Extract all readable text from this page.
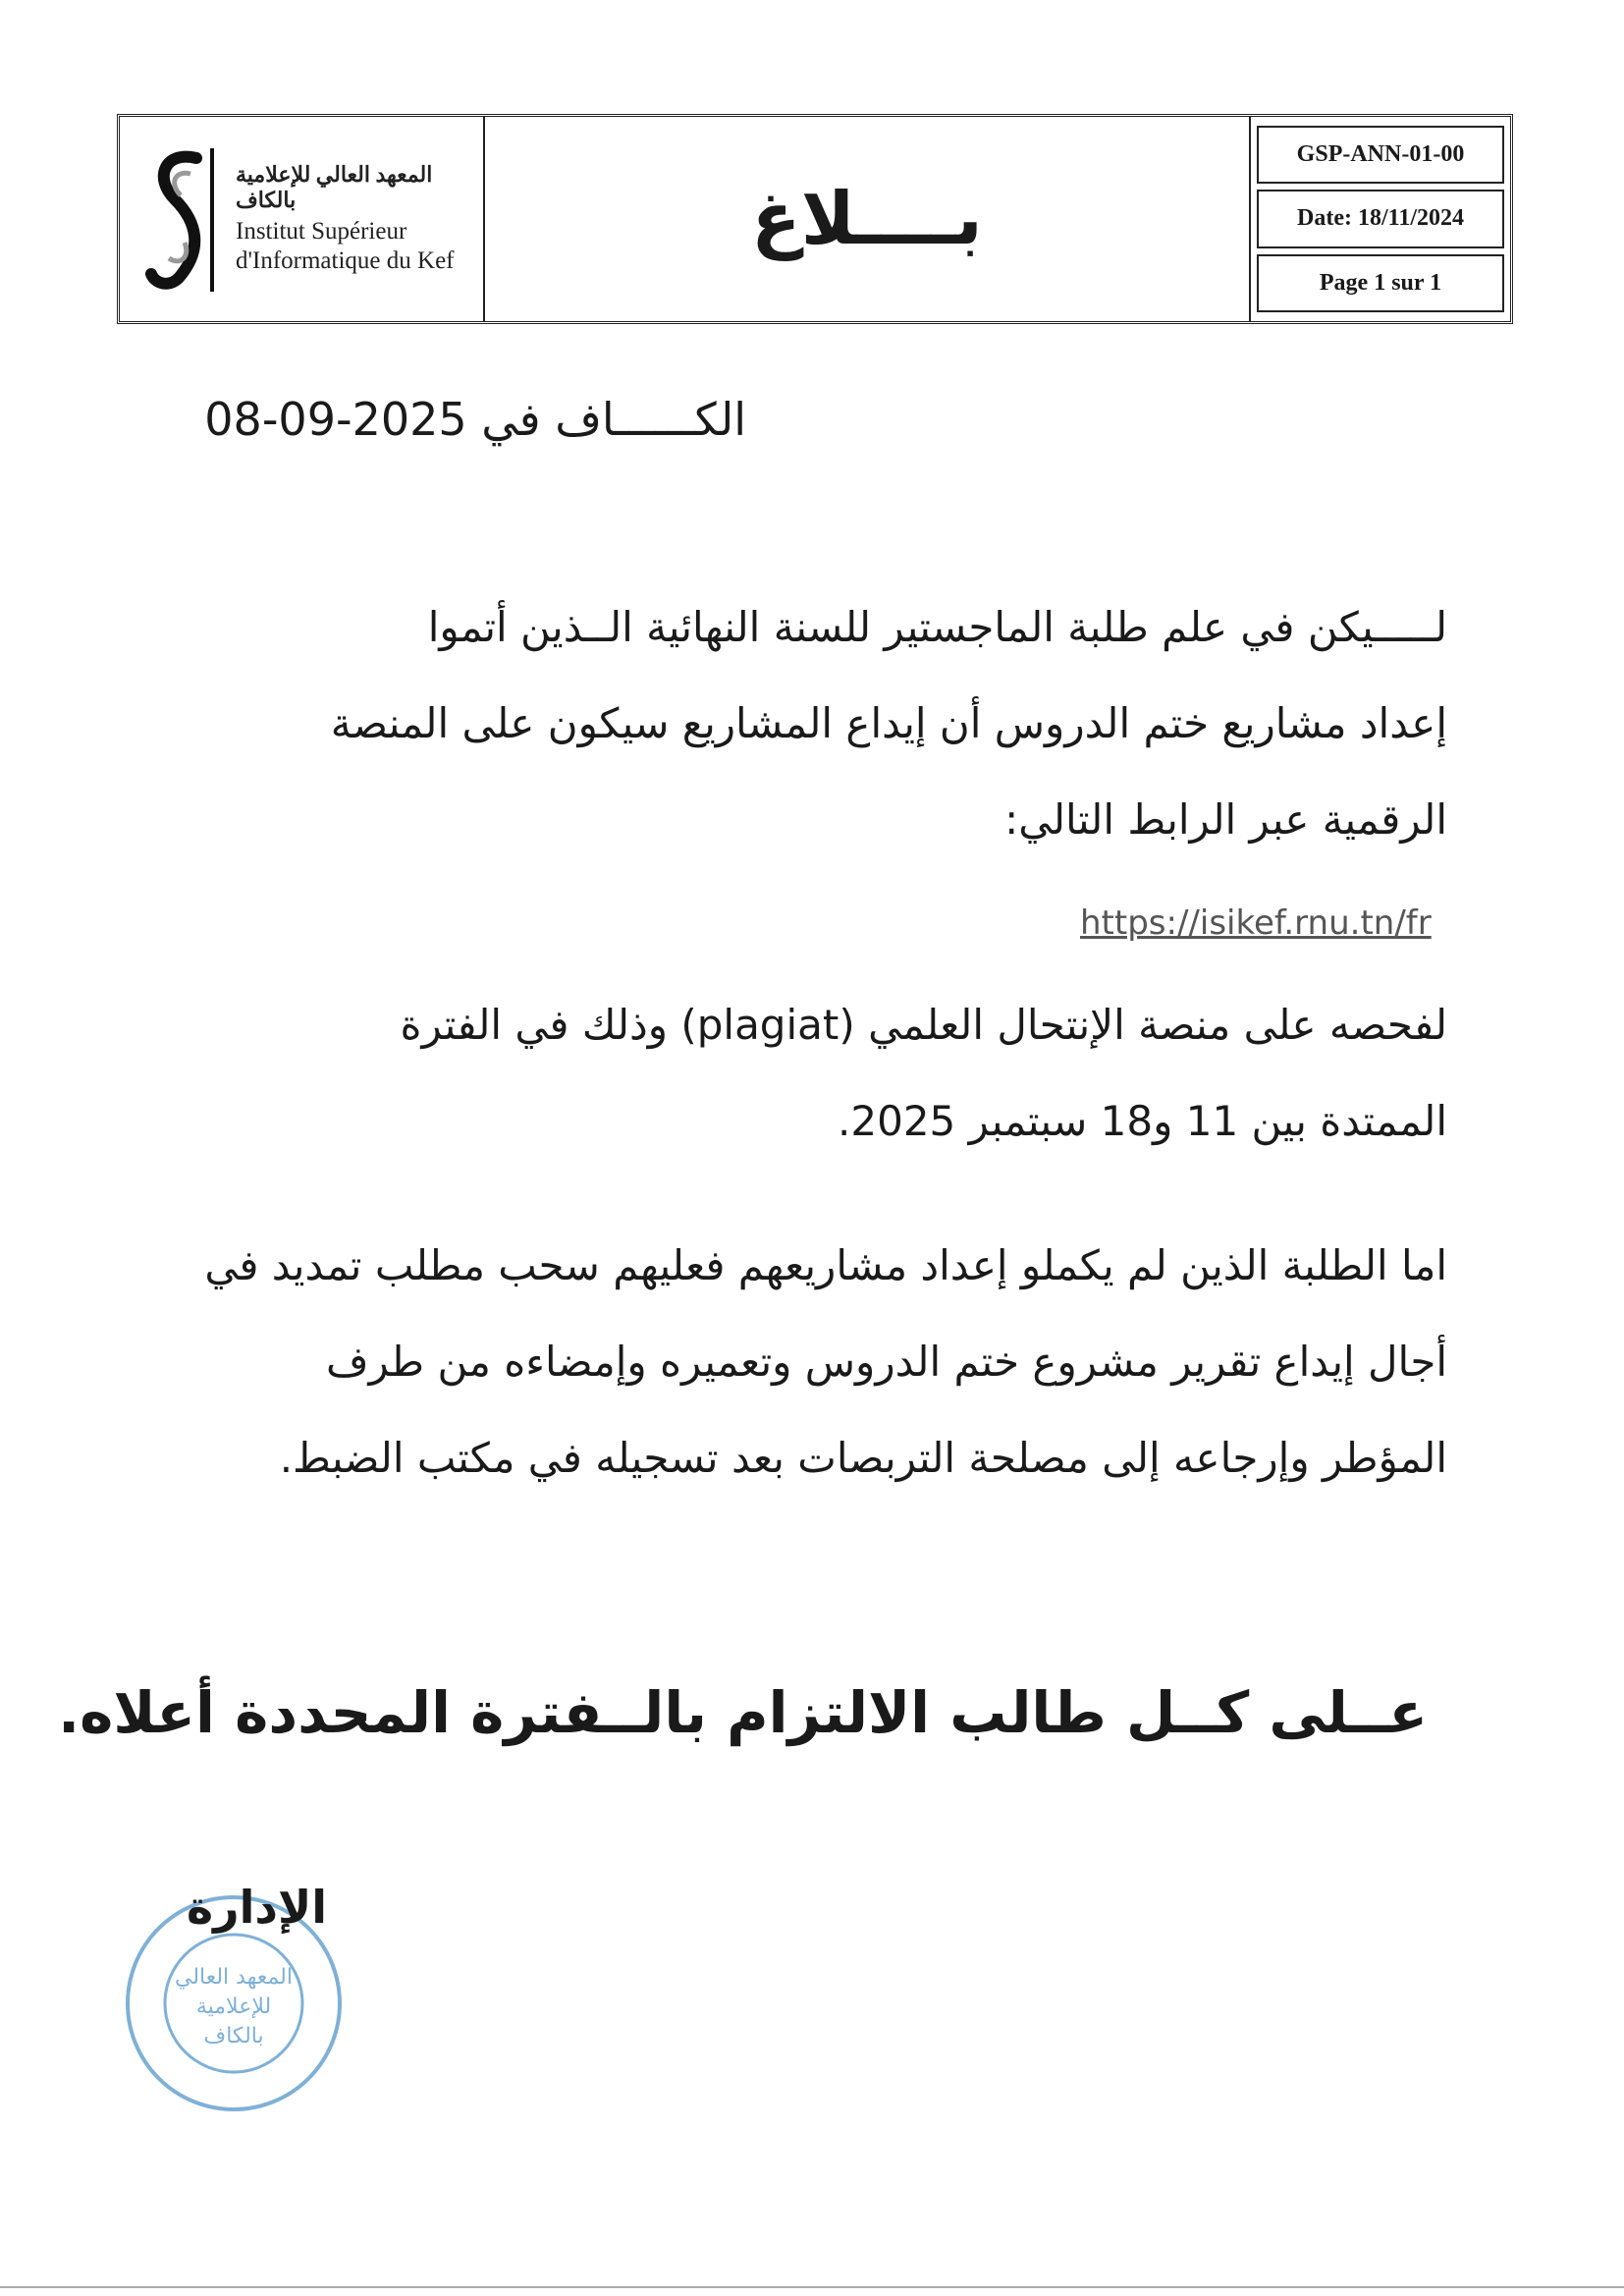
المعهد العالي للإعلامية بالكاف
Institut Supérieur
d'Informatique du Kef	بــــلاغ
GSP-ANN-01-00
Date: 18/11/2024
Page 1 sur 1
الكــــــاف في 2025-09-08
لـــــيكن في علم طلبة الماجستير للسنة النهائية الــذين أتموا
إعداد مشاريع ختم الدروس أن إيداع المشاريع سيكون على المنصة
الرقمية عبر الرابط التالي:
https://isikef.rnu.tn/fr
لفحصه على منصة الإنتحال العلمي (plagiat) وذلك في الفترة
الممتدة بين 11 و18 سبتمبر 2025.
اما الطلبة الذين لم يكملو إعداد مشاريعهم فعليهم سحب مطلب تمديد في
أجال إيداع تقرير مشروع ختم الدروس وتعميره وإمضاءه من طرف
المؤطر وإرجاعه إلى مصلحة التربصات بعد تسجيله في مكتب الضبط.
عــلى كــل طالب الالتزام بالــفترة المحددة أعلاه.
المعهد العالي
للإعلامية
بالكاف
الإدارة
